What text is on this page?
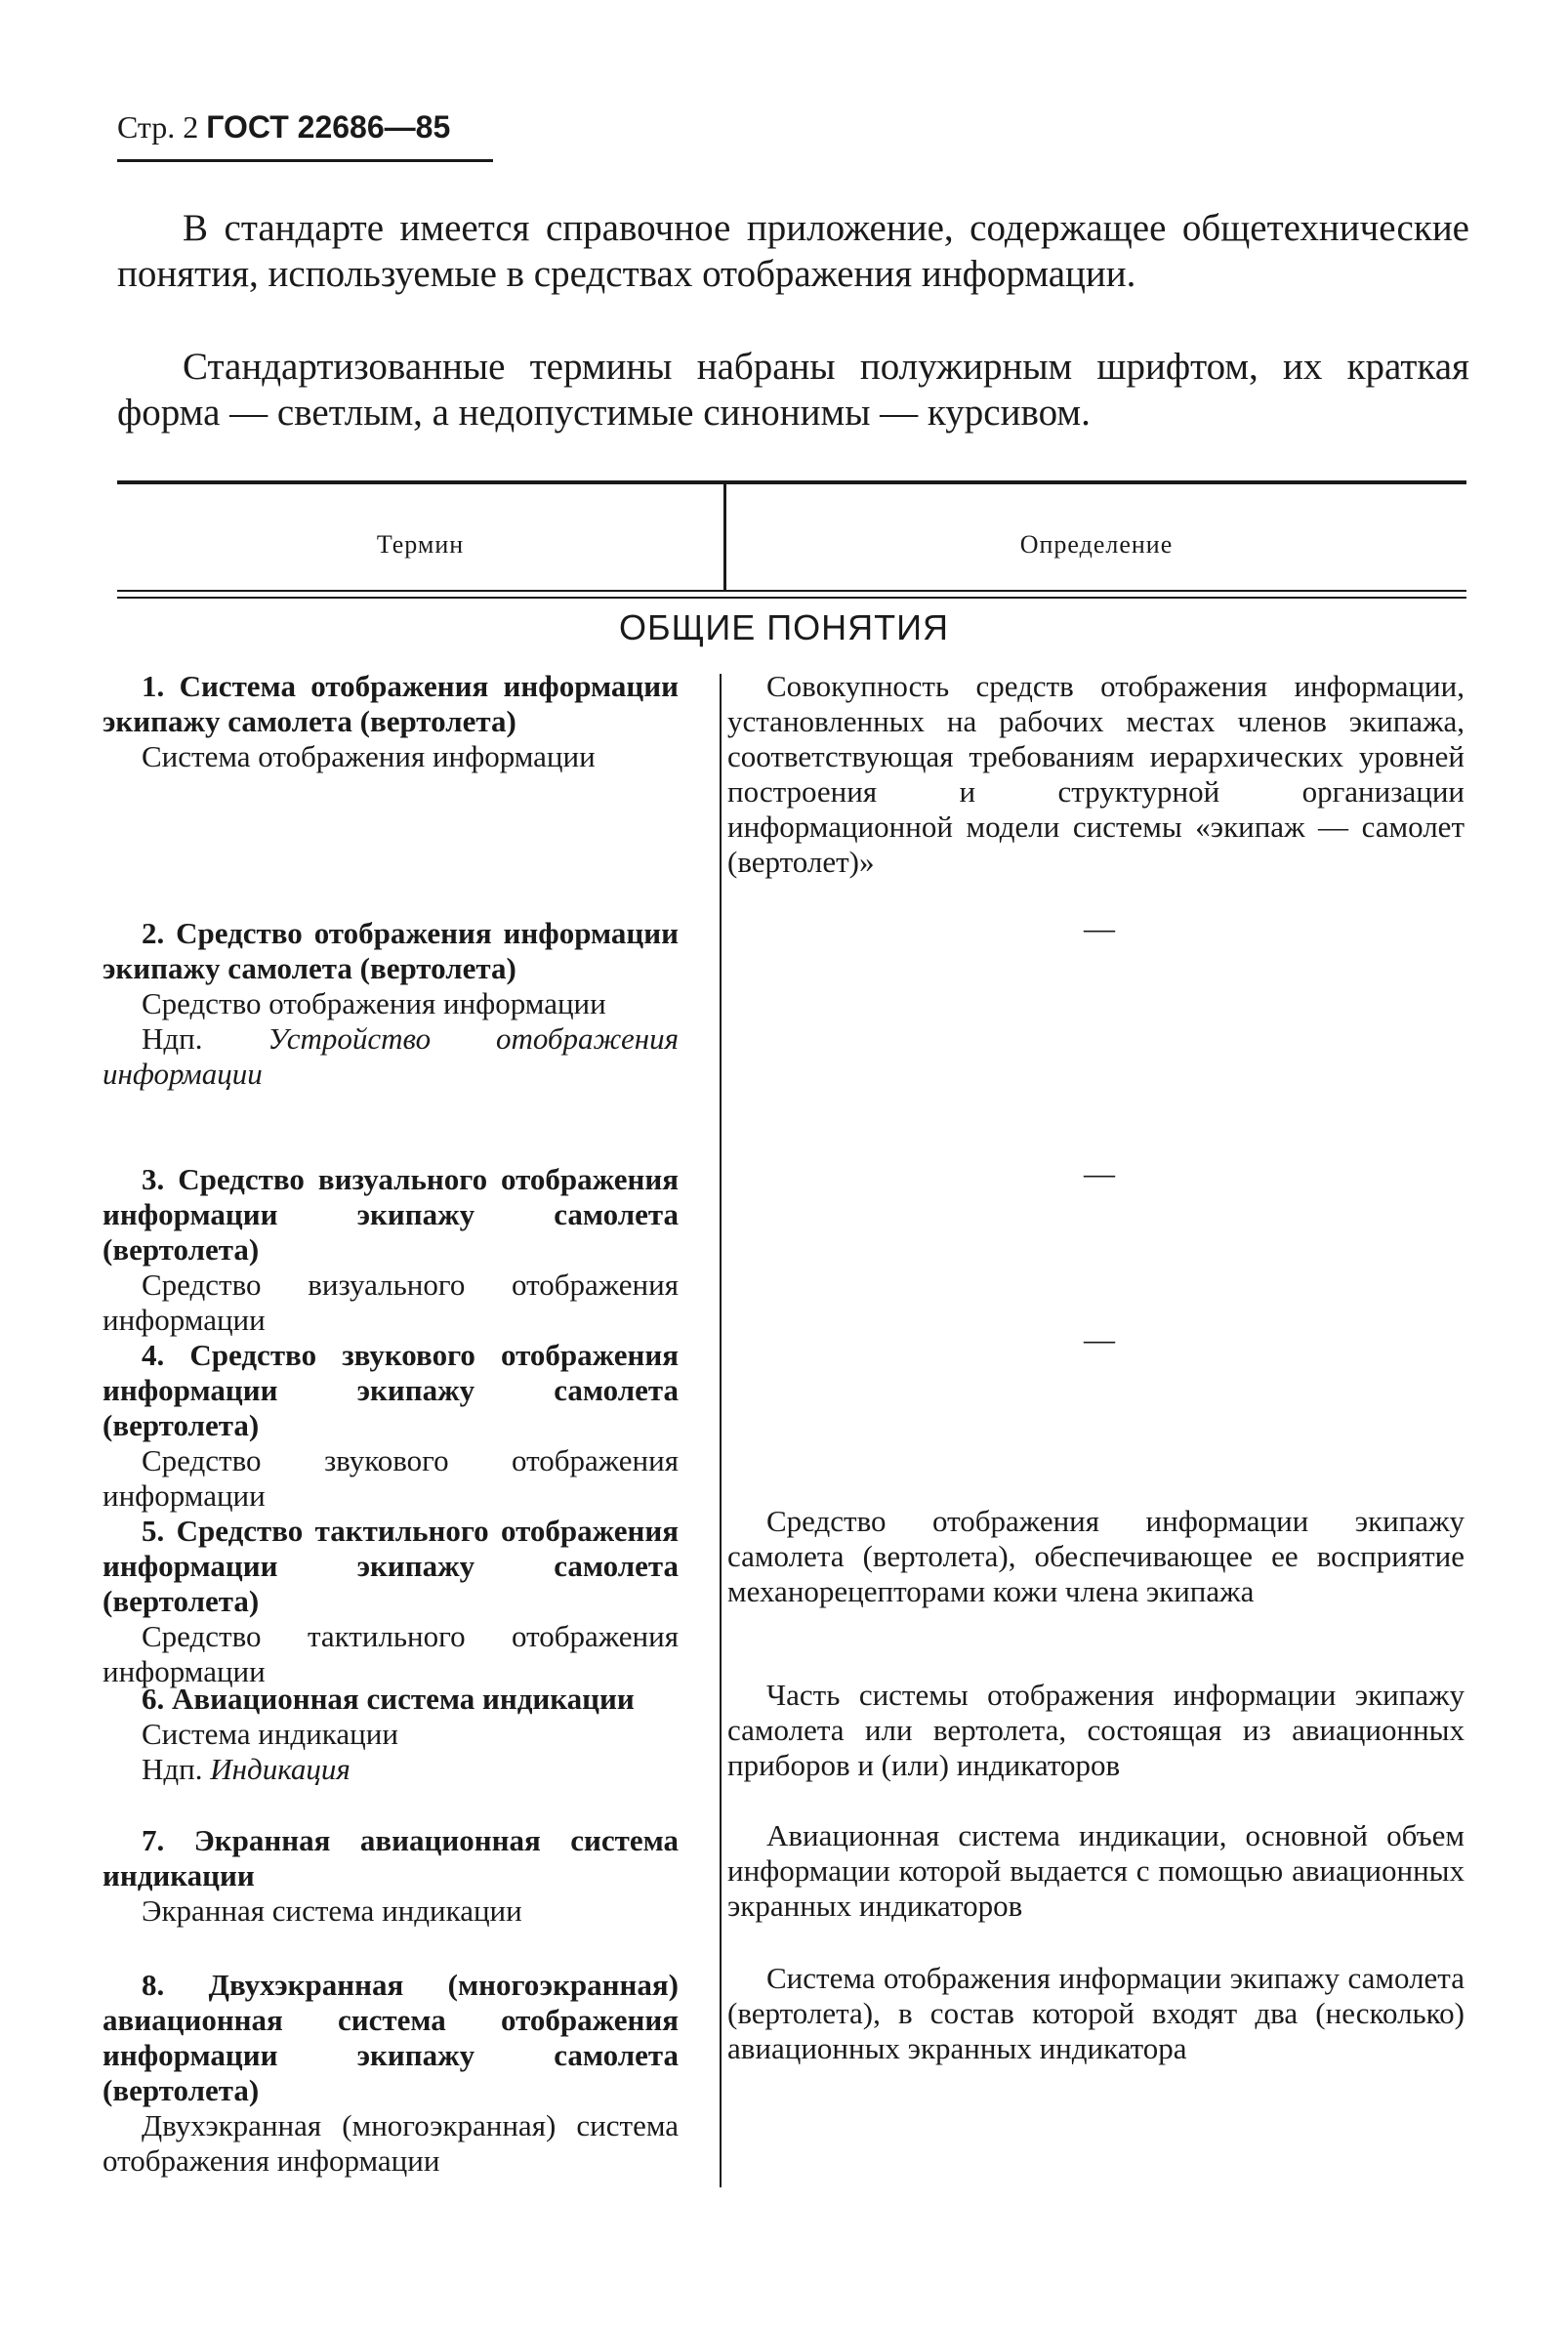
Стр. 2 ГОСТ 22686—85

В стандарте имеется справочное приложение, содержащее общетехнические понятия, используемые в средствах отображения информации.

Стандартизованные термины набраны полужирным шрифтом, их краткая форма — светлым, а недопустимые синонимы — курсивом.

Термин	Определение
ОБЩИЕ ПОНЯТИЯ
1. Система отображения информации экипажу самолета (вертолета)
Система отображения информации
Совокупность средств отображения информации, установленных на рабочих местах членов экипажа, соответствующая требованиям иерархических уровней построения и структурной организации информационной модели системы «экипаж — самолет (вертолет)»
2. Средство отображения информации экипажу самолета (вертолета)
Средство отображения информации
Ндп. Устройство отображения информации
—
3. Средство визуального отображения информации экипажу самолета (вертолета)
Средство визуального отображения информации
—
4. Средство звукового отображения информации экипажу самолета (вертолета)
Средство звукового отображения информации
—
5. Средство тактильного отображения информации экипажу самолета (вертолета)
Средство тактильного отображения информации
Средство отображения информации экипажу самолета (вертолета), обеспечивающее ее восприятие механорецепторами кожи члена экипажа
6. Авиационная система индикации
Система индикации
Ндп. Индикация
Часть системы отображения информации экипажу самолета или вертолета, состоящая из авиационных приборов и (или) индикаторов
7. Экранная авиационная система индикации
Экранная система индикации
Авиационная система индикации, основной объем информации которой выдается с помощью авиационных экранных индикаторов
8. Двухэкранная (многоэкранная) авиационная система отображения информации экипажу самолета (вертолета)
Двухэкранная (многоэкранная) система отображения информации
Система отображения информации экипажу самолета (вертолета), в состав которой входят два (несколько) авиационных экранных индикатора
